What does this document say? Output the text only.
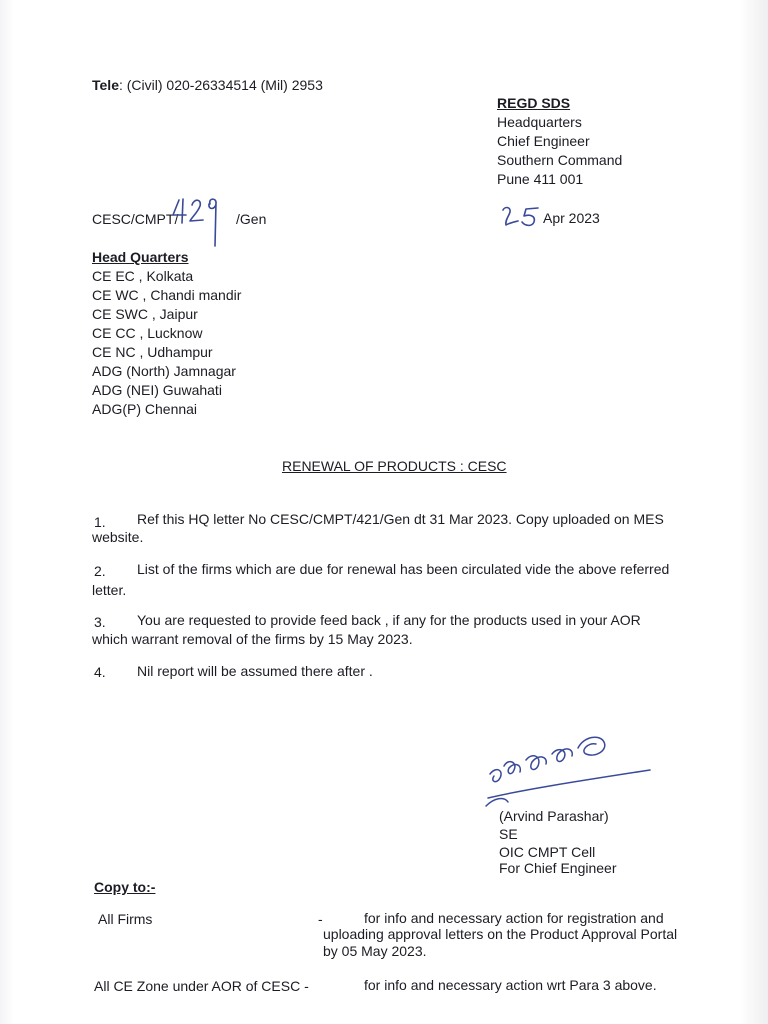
Tele: (Civil) 020-26334514 (Mil) 2953
REGD SDS
Headquarters
Chief Engineer
Southern Command
Pune 411 001
CESC/CMPT/	/Gen	Apr 2023
Head Quarters
CE EC , Kolkata
CE WC , Chandi mandir
CE SWC , Jaipur
CE CC , Lucknow
CE NC , Udhampur
ADG (North) Jamnagar
ADG (NEI) Guwahati
ADG(P) Chennai
RENEWAL OF PRODUCTS : CESC
1. Ref this HQ letter No CESC/CMPT/421/Gen dt 31 Mar 2023. Copy uploaded on MES
website.
2. List of the firms which are due for renewal has been circulated vide the above referred
letter.
3. You are requested to provide feed back , if any for the products used in your AOR
which warrant removal of the firms by 15 May 2023.
4. Nil report will be assumed there after .
(Arvind Parashar)
SE
OIC CMPT Cell
For Chief Engineer
Copy to:-
All Firms	-	for info and necessary action for registration and
uploading approval letters on the Product Approval Portal
by 05 May 2023.
All CE Zone under AOR of CESC -	for info and necessary action wrt Para 3 above.
